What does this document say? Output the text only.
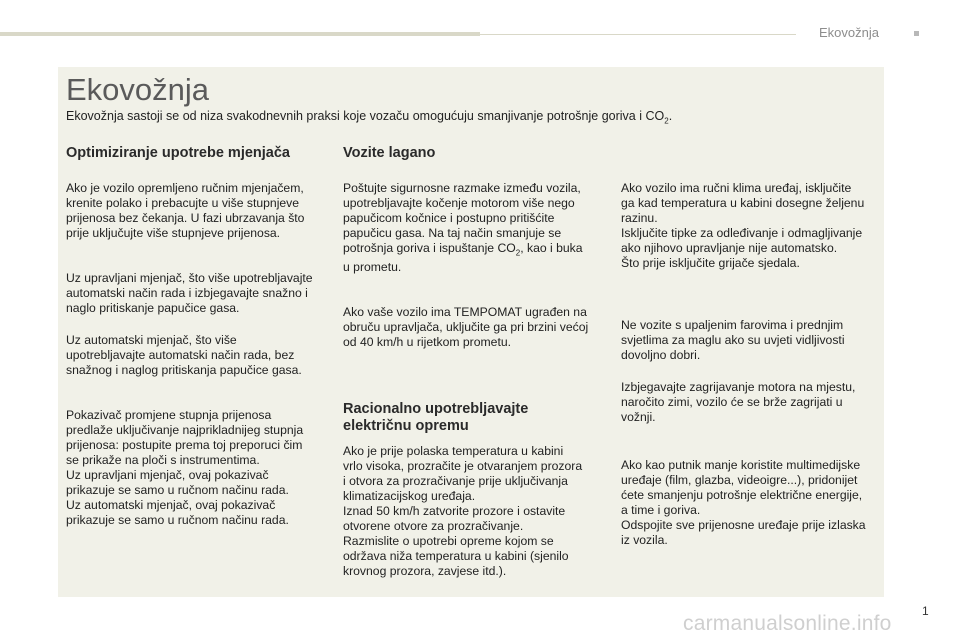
Ekovožnja
Ekovožnja
Ekovožnja sastoji se od niza svakodnevnih praksi koje vozaču omogućuju smanjivanje potrošnje goriva i $CO_2$.
Optimiziranje upotrebe mjenjača

Ako je vozilo opremljeno ručnim mjenjačem,
krenite polako i prebacujte u više stupnjeve
prijenosa bez čekanja. U fazi ubrzavanja što
prije uključujte više stupnjeve prijenosa.

Uz upravljani mjenjač, što više upotrebljavajte
automatski način rada i izbjegavajte snažno i
naglo pritiskanje papučice gasa.

Uz automatski mjenjač, što više
upotrebljavajte automatski način rada, bez
snažnog i naglog pritiskanja papučice gasa.

Pokazivač promjene stupnja prijenosa
predlaže uključivanje najprikladnijeg stupnja
prijenosa: postupite prema toj preporuci čim
se prikaže na ploči s instrumentima.
Uz upravljani mjenjač, ovaj pokazivač
prikazuje se samo u ručnom načinu rada.
Uz automatski mjenjač, ovaj pokazivač
prikazuje se samo u ručnom načinu rada.

Vozite lagano

Poštujte sigurnosne razmake između vozila,
upotrebljavajte kočenje motorom više nego
papučicom kočnice i postupno pritišćite
papučicu gasa. Na taj način smanjuje se
potrošnja goriva i ispuštanje $CO_2$, kao i buka
u prometu.

Ako vaše vozilo ima TEMPOMAT ugrađen na
obruču upravljača, uključite ga pri brzini većoj
od 40 km/h u rijetkom prometu.

Racionalno upotrebljavajte
električnu opremu

Ako je prije polaska temperatura u kabini
vrlo visoka, prozračite je otvaranjem prozora
i otvora za prozračivanje prije uključivanja
klimatizacijskog uređaja.
Iznad 50 km/h zatvorite prozore i ostavite
otvorene otvore za prozračivanje.
Razmislite o upotrebi opreme kojom se
održava niža temperatura u kabini (sjenilo
krovnog prozora, zavjese itd.).

Ako vozilo ima ručni klima uređaj, isključite
ga kad temperatura u kabini dosegne željenu
razinu.
Isključite tipke za odleđivanje i odmagljivanje
ako njihovo upravljanje nije automatsko.
Što prije isključite grijače sjedala.

Ne vozite s upaljenim farovima i prednjim
svjetlima za maglu ako su uvjeti vidljivosti
dovoljno dobri.

Izbjegavajte zagrijavanje motora na mjestu,
naročito zimi, vozilo će se brže zagrijati u
vožnji.

Ako kao putnik manje koristite multimedijske
uređaje (film, glazba, videoigre...), pridonijet
ćete smanjenju potrošnje električne energije,
a time i goriva.
Odspojite sve prijenosne uređaje prije izlaska
iz vozila.

1
carmanualsonline.info
